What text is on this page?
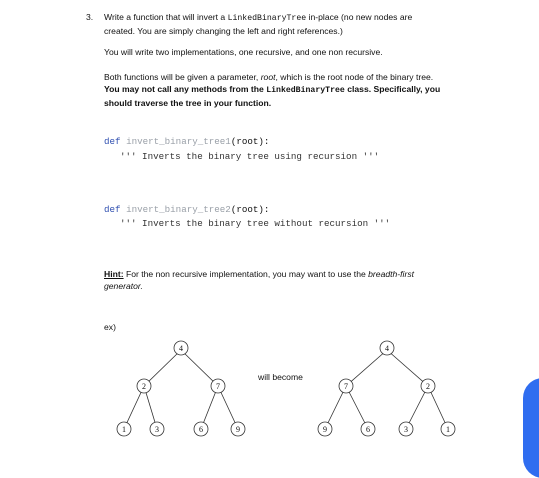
3. Write a function that will invert a LinkedBinaryTree in-place (no new nodes are
created. You are simply changing the left and right references.)
You will write two implementations, one recursive, and one non recursive.
Both functions will be given a parameter, root, which is the root node of the binary tree.
You may not call any methods from the LinkedBinaryTree class. Specifically, you
should traverse the tree in your function.
def invert_binary_tree1(root):
''' Inverts the binary tree using recursion '''
def invert_binary_tree2(root):
''' Inverts the binary tree without recursion '''
Hint: For the non recursive implementation, you may want to use the breadth-first
generator.
ex)
will become
4
2	7
1	3	6	9
4
7	2
9	6	3	1
